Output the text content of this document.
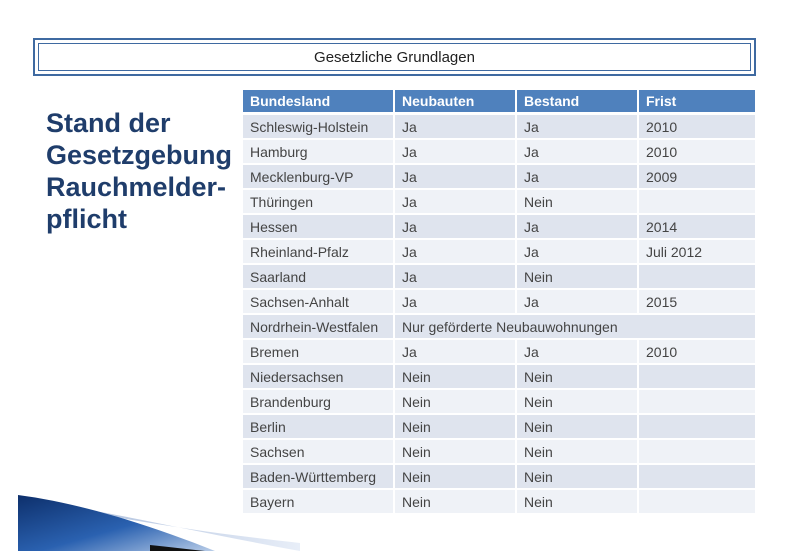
Gesetzliche Grundlagen
Stand der
Gesetzgebung
Rauchmelder-
pflicht
Bundesland	Neubauten	Bestand	Frist
Schleswig-Holstein	Ja	Ja	2010
Hamburg	Ja	Ja	2010
Mecklenburg-VP	Ja	Ja	2009
Thüringen	Ja	Nein	
Hessen	Ja	Ja	2014
Rheinland-Pfalz	Ja	Ja	Juli 2012
Saarland	Ja	Nein	
Sachsen-Anhalt	Ja	Ja	2015
Nordrhein-Westfalen	Nur geförderte Neubauwohnungen		
Bremen	Ja	Ja	2010
Niedersachsen	Nein	Nein	
Brandenburg	Nein	Nein	
Berlin	Nein	Nein	
Sachsen	Nein	Nein	
Baden-Württemberg	Nein	Nein	
Bayern	Nein	Nein	
